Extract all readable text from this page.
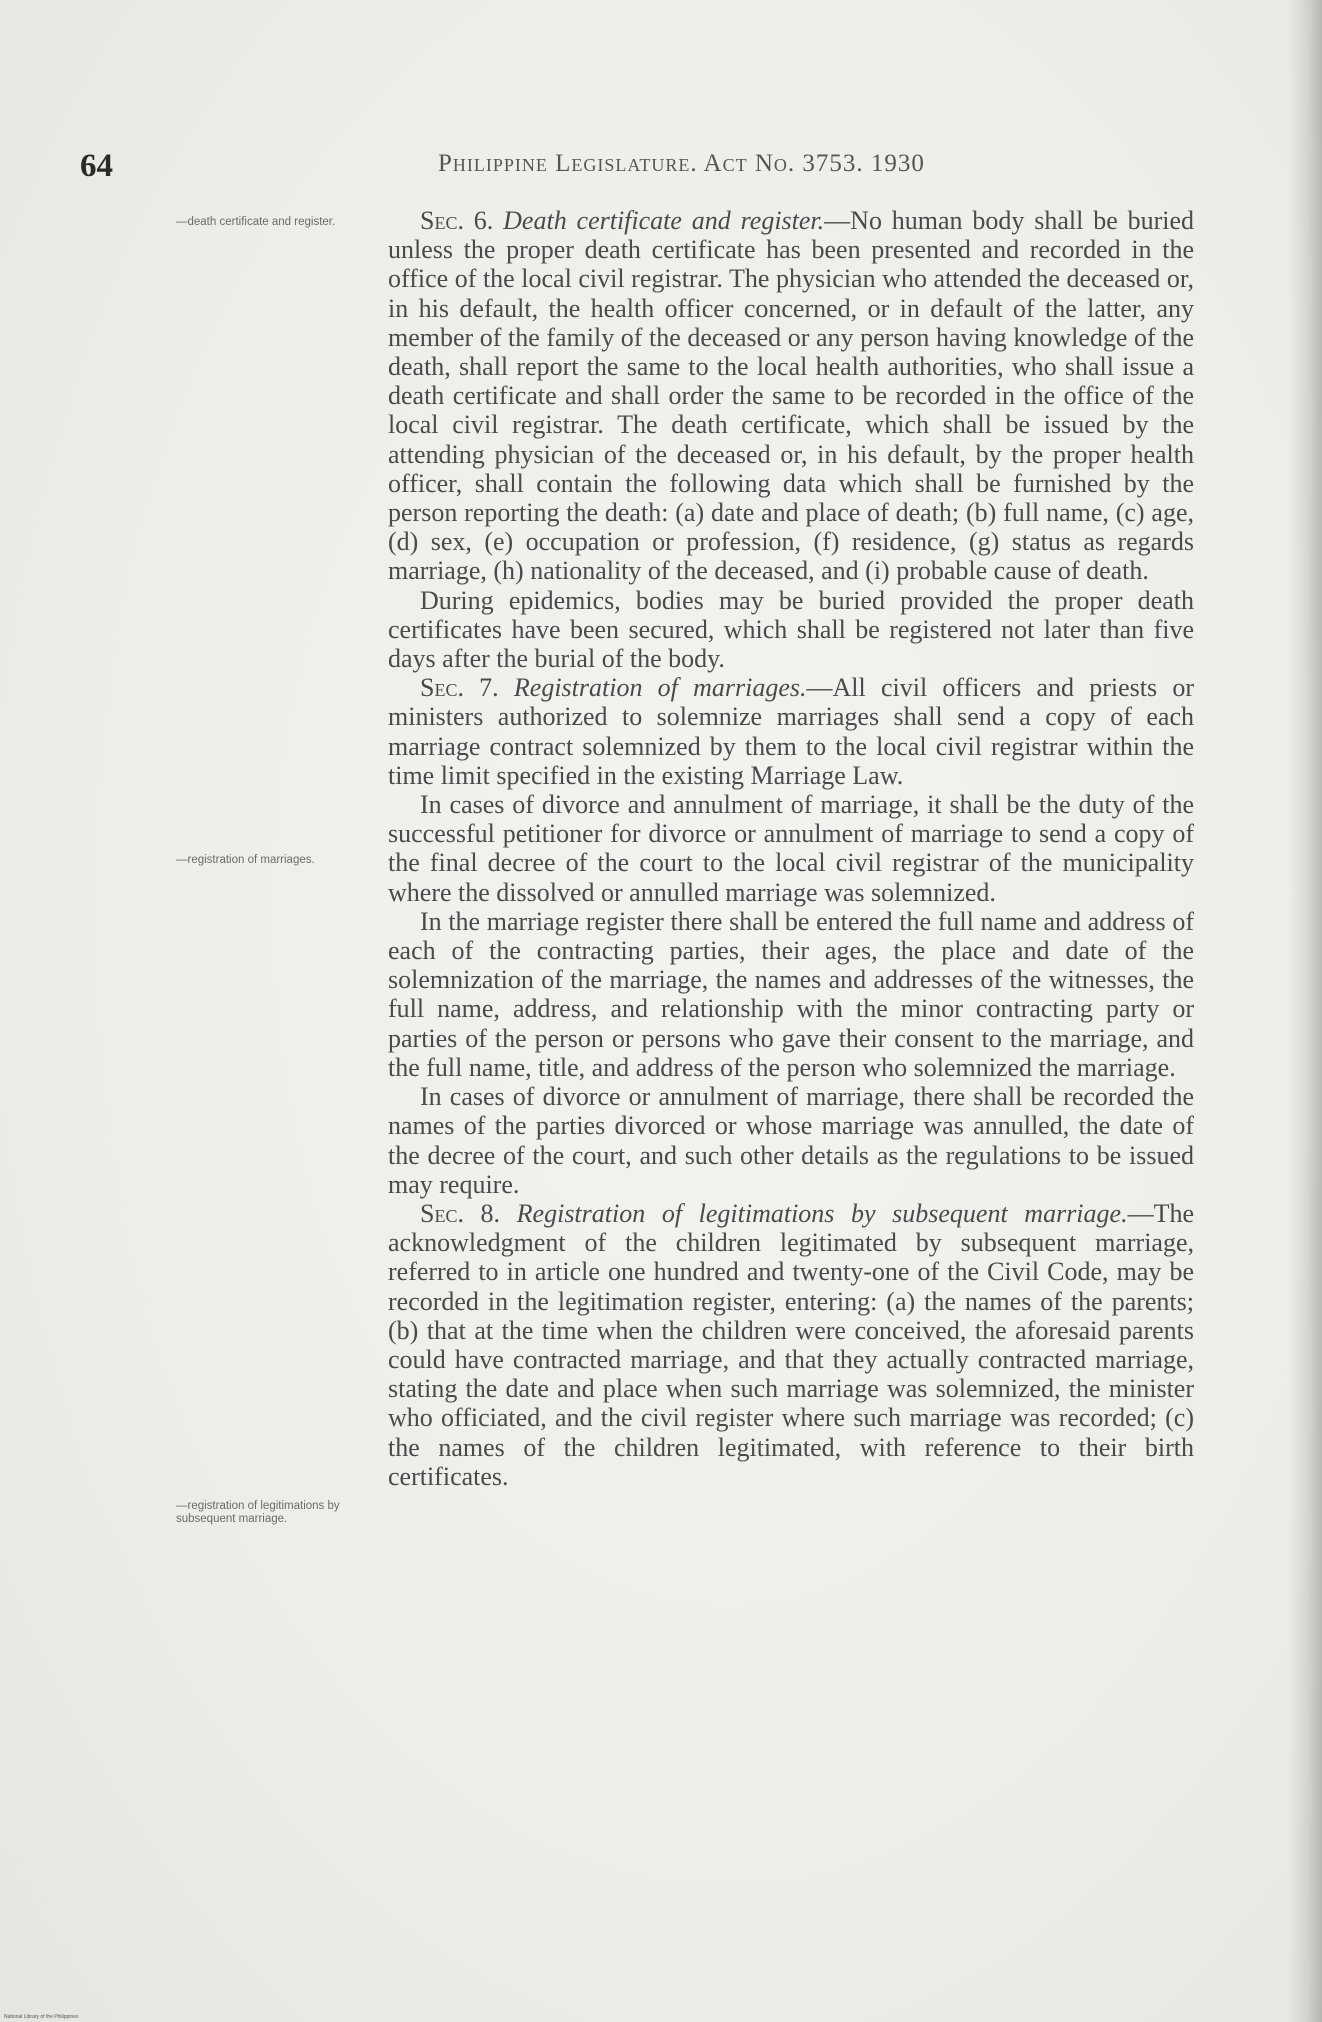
64	Philippine Legislature. Act No. 3753. 1930
—death certificate and register.
—registration of marriages.
—registration of legitimations by subsequent marriage.

Sec. 6. Death certificate and register.—No human body shall be buried unless the proper death certificate has been presented and recorded in the office of the local civil registrar. The physician who attended the deceased or, in his default, the health officer concerned, or in default of the latter, any member of the family of the deceased or any person having knowledge of the death, shall report the same to the local health authorities, who shall issue a death certificate and shall order the same to be recorded in the office of the local civil registrar. The death certificate, which shall be issued by the attending physician of the deceased or, in his default, by the proper health officer, shall contain the following data which shall be furnished by the person reporting the death: (a) date and place of death; (b) full name, (c) age, (d) sex, (e) occupation or profession, (f) residence, (g) status as regards marriage, (h) nationality of the deceased, and (i) probable cause of death.

During epidemics, bodies may be buried provided the proper death certificates have been secured, which shall be registered not later than five days after the burial of the body.

Sec. 7. Registration of marriages.—All civil officers and priests or ministers authorized to solemnize marriages shall send a copy of each marriage contract solemnized by them to the local civil registrar within the time limit specified in the existing Marriage Law.

In cases of divorce and annulment of marriage, it shall be the duty of the successful petitioner for divorce or annulment of marriage to send a copy of the final decree of the court to the local civil registrar of the municipality where the dissolved or annulled marriage was solemnized.

In the marriage register there shall be entered the full name and address of each of the contracting parties, their ages, the place and date of the solemnization of the marriage, the names and addresses of the witnesses, the full name, address, and relationship with the minor contracting party or parties of the person or persons who gave their consent to the marriage, and the full name, title, and address of the person who solemnized the marriage.

In cases of divorce or annulment of marriage, there shall be recorded the names of the parties divorced or whose marriage was annulled, the date of the decree of the court, and such other details as the regulations to be issued may require.

Sec. 8. Registration of legitimations by subsequent marriage.—The acknowledgment of the children legitimated by subsequent marriage, referred to in article one hundred and twenty-one of the Civil Code, may be recorded in the legitimation register, entering: (a) the names of the parents; (b) that at the time when the children were conceived, the aforesaid parents could have contracted marriage, and that they actually contracted marriage, stating the date and place when such marriage was solemnized, the minister who officiated, and the civil register where such marriage was recorded; (c) the names of the children legitimated, with reference to their birth certificates.

National Library of the Philippines
